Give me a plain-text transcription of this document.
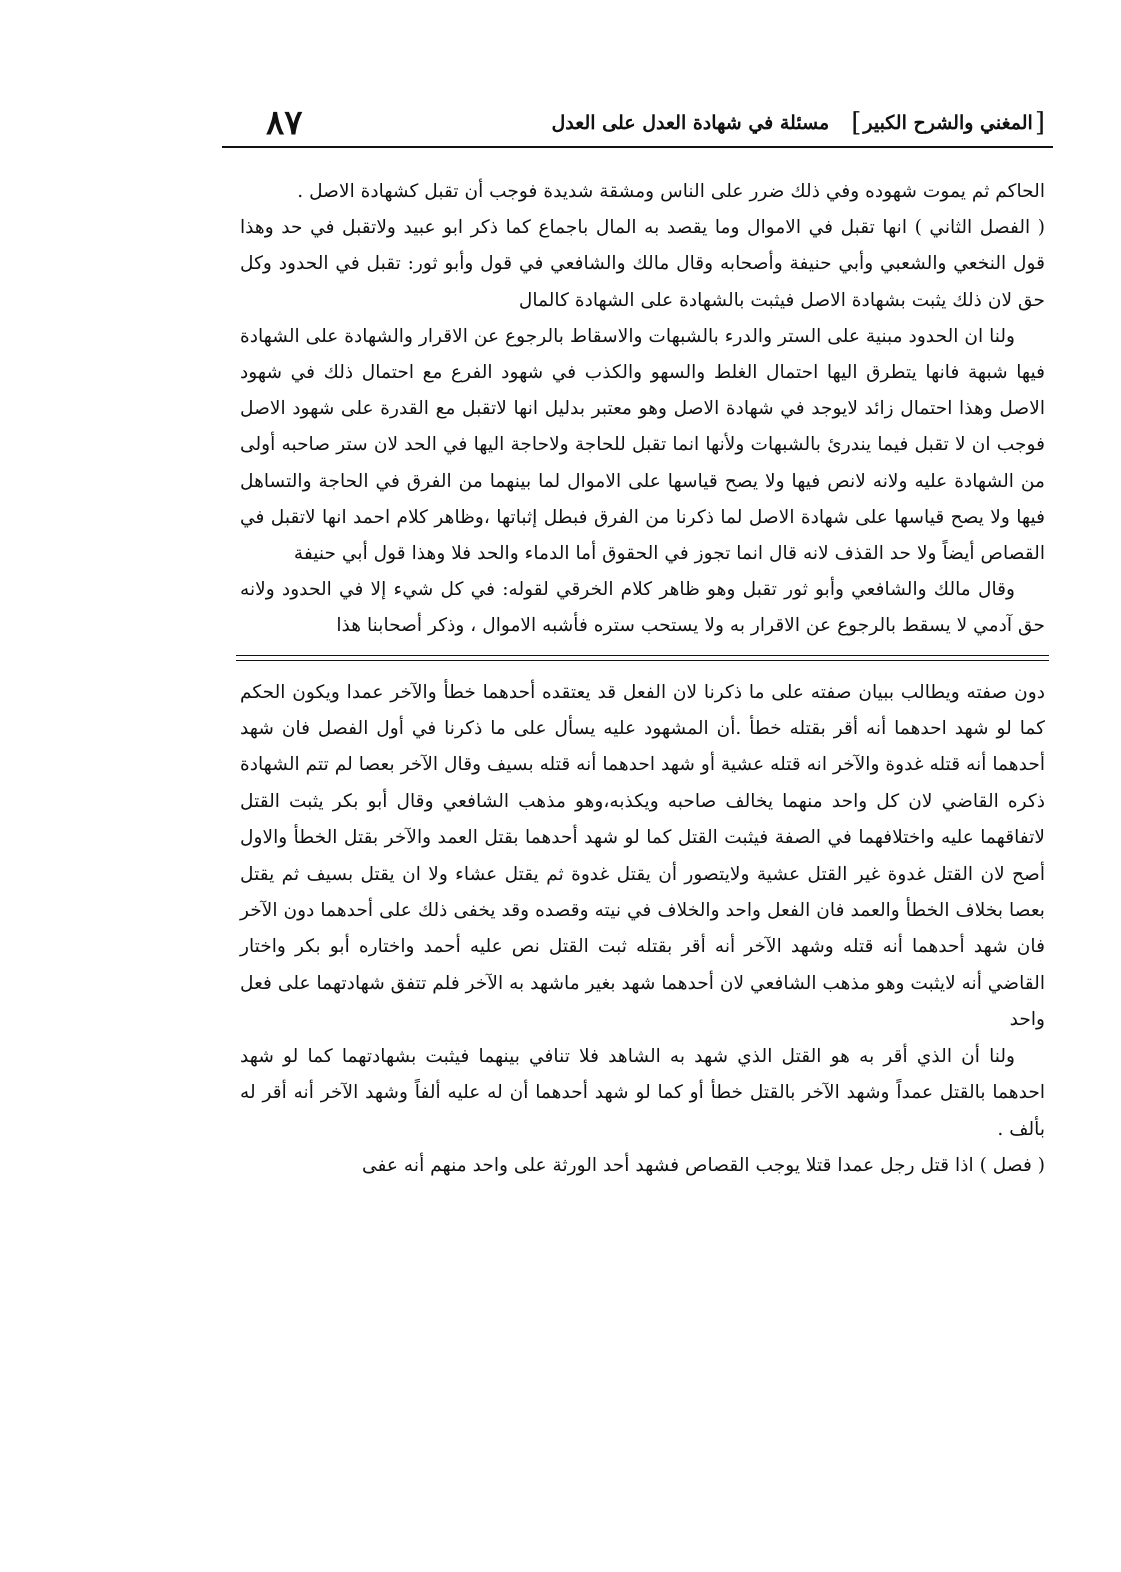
[
المغني والشرح الكبير
]
مسئلة في شهادة العدل على العدل
٨٧

الحاكم ثم يموت شهوده وفي ذلك ضرر على الناس ومشقة شديدة فوجب أن تقبل كشهادة الاصل .

( الفصل الثاني ) انها تقبل في الاموال وما يقصد به المال باجماع كما ذكر ابو عبيد ولاتقبل في حد وهذا قول النخعي والشعبي وأبي حنيفة وأصحابه وقال مالك والشافعي في قول وأبو ثور: تقبل في الحدود وكل حق لان ذلك يثبت بشهادة الاصل فيثبت بالشهادة على الشهادة كالمال

ولنا ان الحدود مبنية على الستر والدرء بالشبهات والاسقاط بالرجوع عن الاقرار والشهادة على الشهادة فيها شبهة فانها يتطرق اليها احتمال الغلط والسهو والكذب في شهود الفرع مع احتمال ذلك في شهود الاصل وهذا احتمال زائد لايوجد في شهادة الاصل وهو معتبر بدليل انها لاتقبل مع القدرة على شهود الاصل فوجب ان لا تقبل فيما يندرئ بالشبهات ولأنها انما تقبل للحاجة ولاحاجة اليها في الحد لان ستر صاحبه أولى من الشهادة عليه ولانه لانص فيها ولا يصح قياسها على الاموال لما بينهما من الفرق في الحاجة والتساهل فيها ولا يصح قياسها على شهادة الاصل لما ذكرنا من الفرق فبطل إثباتها ،وظاهر كلام احمد انها لاتقبل في القصاص أيضاً ولا حد القذف لانه قال انما تجوز في الحقوق أما الدماء والحد فلا وهذا قول أبي حنيفة

وقال مالك والشافعي وأبو ثور تقبل وهو ظاهر كلام الخرقي لقوله: في كل شيء إلا في الحدود ولانه حق آدمي لا يسقط بالرجوع عن الاقرار به ولا يستحب ستره فأشبه الاموال ، وذكر أصحابنا هذا

دون صفته ويطالب ببيان صفته على ما ذكرنا لان الفعل قد يعتقده أحدهما خطأ والآخر عمدا ويكون الحكم كما لو شهد احدهما أنه أقر بقتله خطأ .أن المشهود عليه يسأل على ما ذكرنا في أول الفصل فان شهد أحدهما أنه قتله غدوة والآخر انه قتله عشية أو شهد احدهما أنه قتله بسيف وقال الآخر بعصا لم تتم الشهادة ذكره القاضي لان كل واحد منهما يخالف صاحبه ويكذبه،وهو مذهب الشافعي وقال أبو بكر يثبت القتل لاتفاقهما عليه واختلافهما في الصفة فيثبت القتل كما لو شهد أحدهما بقتل العمد والآخر بقتل الخطأ والاول أصح لان القتل غدوة غير القتل عشية ولايتصور أن يقتل غدوة ثم يقتل عشاء ولا ان يقتل بسيف ثم يقتل بعصا بخلاف الخطأ والعمد فان الفعل واحد والخلاف في نيته وقصده وقد يخفى ذلك على أحدهما دون الآخر فان شهد أحدهما أنه قتله وشهد الآخر أنه أقر بقتله ثبت القتل نص عليه أحمد واختاره أبو بكر واختار القاضي أنه لايثبت وهو مذهب الشافعي لان أحدهما شهد بغير ماشهد به الآخر فلم تتفق شهادتهما على فعل واحد

ولنا أن الذي أقر به هو القتل الذي شهد به الشاهد فلا تنافي بينهما فيثبت بشهادتهما كما لو شهد احدهما بالقتل عمداً وشهد الآخر بالقتل خطأ أو كما لو شهد أحدهما أن له عليه ألفاً وشهد الآخر أنه أقر له بألف .

( فصل ) اذا قتل رجل عمدا قتلا يوجب القصاص فشهد أحد الورثة على واحد منهم أنه عفى
